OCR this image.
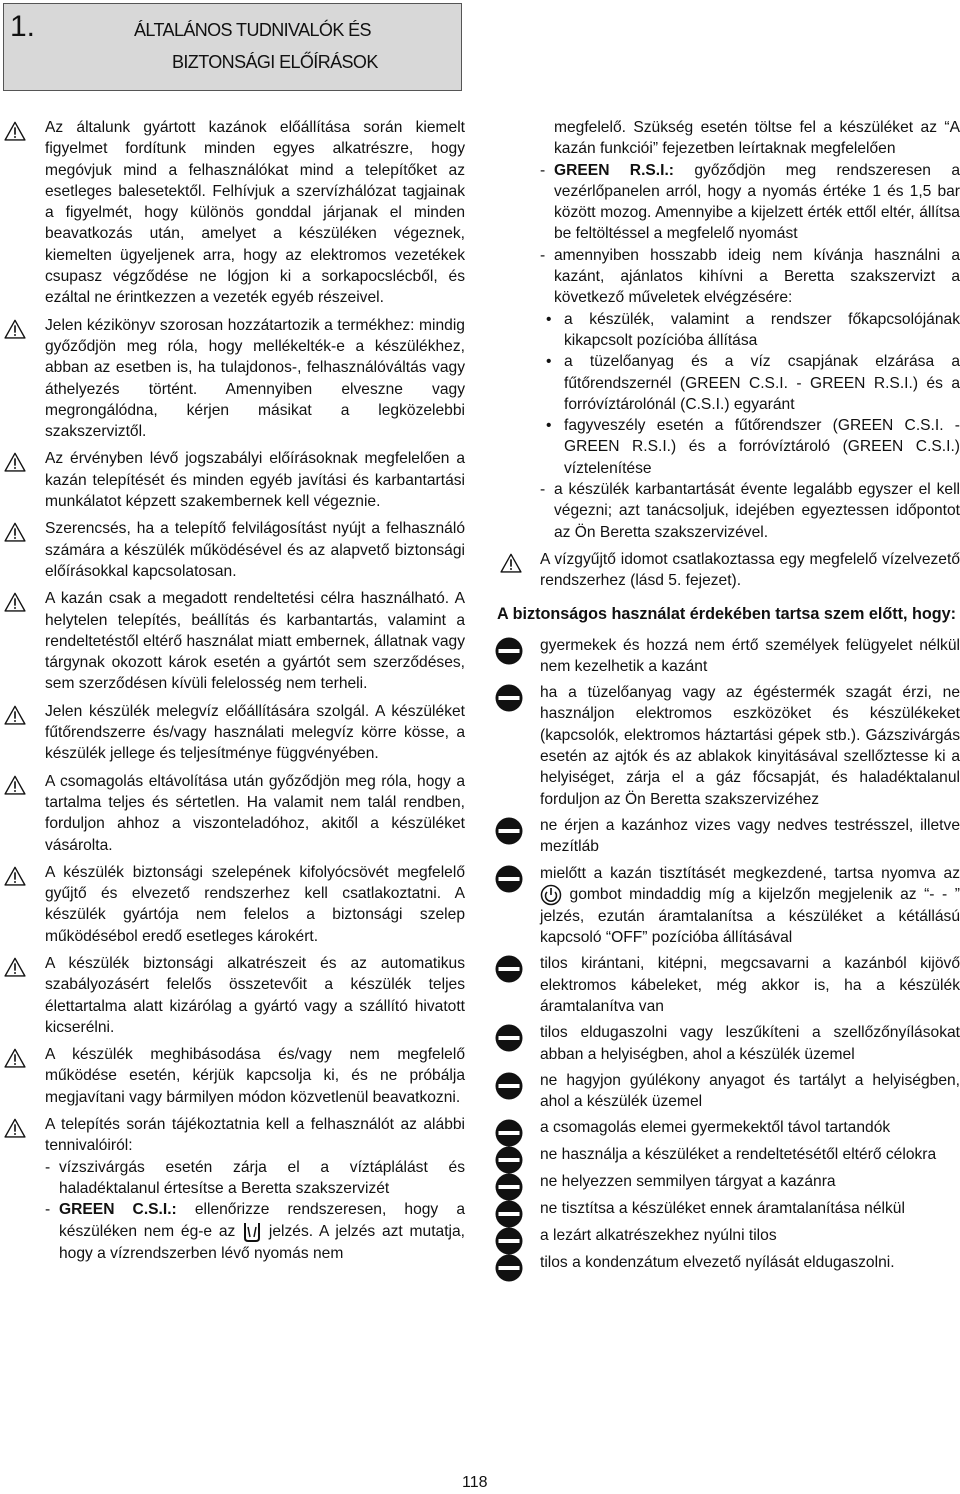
1.	ÁLTALÁNOS TUDNIVALÓK ÉS
BIZTONSÁGI ELŐÍRÁSOK
Az általunk gyártott kazánok előállítása során kiemelt figyelmet fordítunk minden egyes alkatrészre, hogy megóvjuk mind a felhasználókat mind a telepítőket az esetleges balesetektől. Felhívjuk a szervízhálózat tagjainak a figyelmét, hogy különös gonddal járjanak el minden beavatkozás után, amelyet a készüléken végeznek, kiemelten ügyeljenek arra, hogy az elektromos vezetékek csupasz végződése ne lógjon ki a sorkapocslécből, és ezáltal ne érintkezzen a vezeték egyéb részeivel.
Jelen kézikönyv szorosan hozzátartozik a termékhez: mindig győződjön meg róla, hogy mellékelték-e a készülékhez, abban az esetben is, ha tulajdonos-, felhasználóváltás vagy áthelyezés történt. Amennyiben elveszne vagy megrongálódna, kérjen másikat a legközelebbi szakszerviztől.
Az érvényben lévő jogszabályi előírásoknak megfelelően a kazán telepítését és minden egyéb javítási és karbantartási munkálatot képzett szakembernek kell végeznie.
Szerencsés, ha a telepítő felvilágosítást nyújt a felhasználó számára a készülék működésével és az alapvető biztonsági előírásokkal kapcsolatosan.
A kazán csak a megadott rendeltetési célra használható. A helytelen telepítés, beállítás és karbantartás, valamint a rendeltetéstől eltérő használat miatt embernek, állatnak vagy tárgynak okozott károk esetén a gyártót sem szerződéses, sem szerződésen kívüli felelosség nem terheli.
Jelen készülék melegvíz előállítására szolgál. A készüléket fűtőrendszerre és/vagy használati melegvíz körre kösse, a készülék jellege és teljesítménye függvényében.
A csomagolás eltávolítása után győződjön meg róla, hogy a tartalma teljes és sértetlen. Ha valamit nem talál rendben, forduljon ahhoz a viszonteladóhoz, akitől a készüléket vásárolta.
A készülék biztonsági szelepének kifolyócsövét megfelelő gyűjtő és elvezető rendszerhez kell csatlakoztatni. A készülék gyártója nem felelos a biztonsági szelep működésébol eredő esetleges károkért.
A készülék biztonsági alkatrészeit és az automatikus szabályozásért felelős összetevőit a készülék teljes élettartalma alatt kizárólag a gyártó vagy a szállító hivatott kicserélni.
A készülék meghibásodása és/vagy nem megfelelő működése esetén, kérjük kapcsolja ki, és ne próbálja megjavítani vagy bármilyen módon közvetlenül beavatkozni.
A telepítés során tájékoztatnia kell a felhasználót az alábbi tennivalóiról:
- vízszivárgás esetén zárja el a víztáplálást és haladéktalanul értesítse a Beretta szakszervizét
- GREEN C.S.I.: ellenőrizze rendszeresen, hogy a készüléken nem ég-e az  jelzés. A jelzés azt mutatja, hogy a vízrendszerben lévő nyomás nem
megfelelő. Szükség esetén töltse fel a készüléket az “A kazán funkciói” fejezetben leírtaknak megfelelően
- GREEN R.S.I.: győződjön meg rendszeresen a vezérlőpanelen arról, hogy a nyomás értéke 1 és 1,5 bar között mozog. Amennyibe a kijelzett érték ettől eltér, állítsa be feltöltéssel a megfelelő nyomást
- amennyiben hosszabb ideig nem kívánja használni a kazánt, ajánlatos kihívni a Beretta szakszervizt a következő műveletek elvégzésére:
• a készülék, valamint a rendszer főkapcsolójának kikapcsolt pozícióba állítása
• a tüzelőanyag és a víz csapjának elzárása a fűtőrendszernél (GREEN C.S.I. - GREEN R.S.I.) és a forróvíztárolónál (C.S.I.) egyaránt
• fagyveszély esetén a fűtőrendszer (GREEN C.S.I. - GREEN R.S.I.) és a forróvíztároló (GREEN C.S.I.) víztelenítése
- a készülék karbantartását évente legalább egyszer el kell végezni; azt tanácsoljuk, idejében egyeztessen időpontot az Ön Beretta szakszervizével.
A vízgyűjtő idomot csatlakoztassa egy megfelelő vízelvezető rendszerhez (lásd 5. fejezet).
A biztonságos használat érdekében tartsa szem előtt, hogy:
gyermekek és hozzá nem értő személyek felügyelet nélkül nem kezelhetik a kazánt
ha a tüzelőanyag vagy az égéstermék szagát érzi, ne használjon elektromos eszközöket és készülékeket (kapcsolók, elektromos háztartási gépek stb.). Gázszivárgás esetén az ajtók és az ablakok kinyitásával szellőztesse ki a helyiséget, zárja el a gáz főcsapját, és haladéktalanul forduljon az Ön Beretta szakszervizéhez
ne érjen a kazánhoz vizes vagy nedves testrésszel, illetve mezítláb
mielőtt a kazán tisztításét megkezdené, tartsa nyomva az  gombot mindaddig míg a kijelzőn megjelenik az “- - ” jelzés, ezután áramtalanítsa a készüléket a kétállású kapcsoló “OFF” pozícióba állításával
tilos kirántani, kitépni, megcsavarni a kazánból kijövő elektromos kábeleket, még akkor is, ha a készülék áramtalanítva van
tilos eldugaszolni vagy leszűkíteni a szellőzőnyílásokat abban a helyiségben, ahol a készülék üzemel
ne hagyjon gyúlékony anyagot és tartályt a helyiségben, ahol a készülék üzemel
a csomagolás elemei gyermekektől távol tartandók
ne használja a készüléket a rendeltetésétől eltérő célokra
ne helyezzen semmilyen tárgyat a kazánra
ne tisztítsa a készüléket ennek áramtalanítása nélkül
a lezárt alkatrészekhez nyúlni tilos
tilos a kondenzátum elvezető nyílását eldugaszolni.
118
